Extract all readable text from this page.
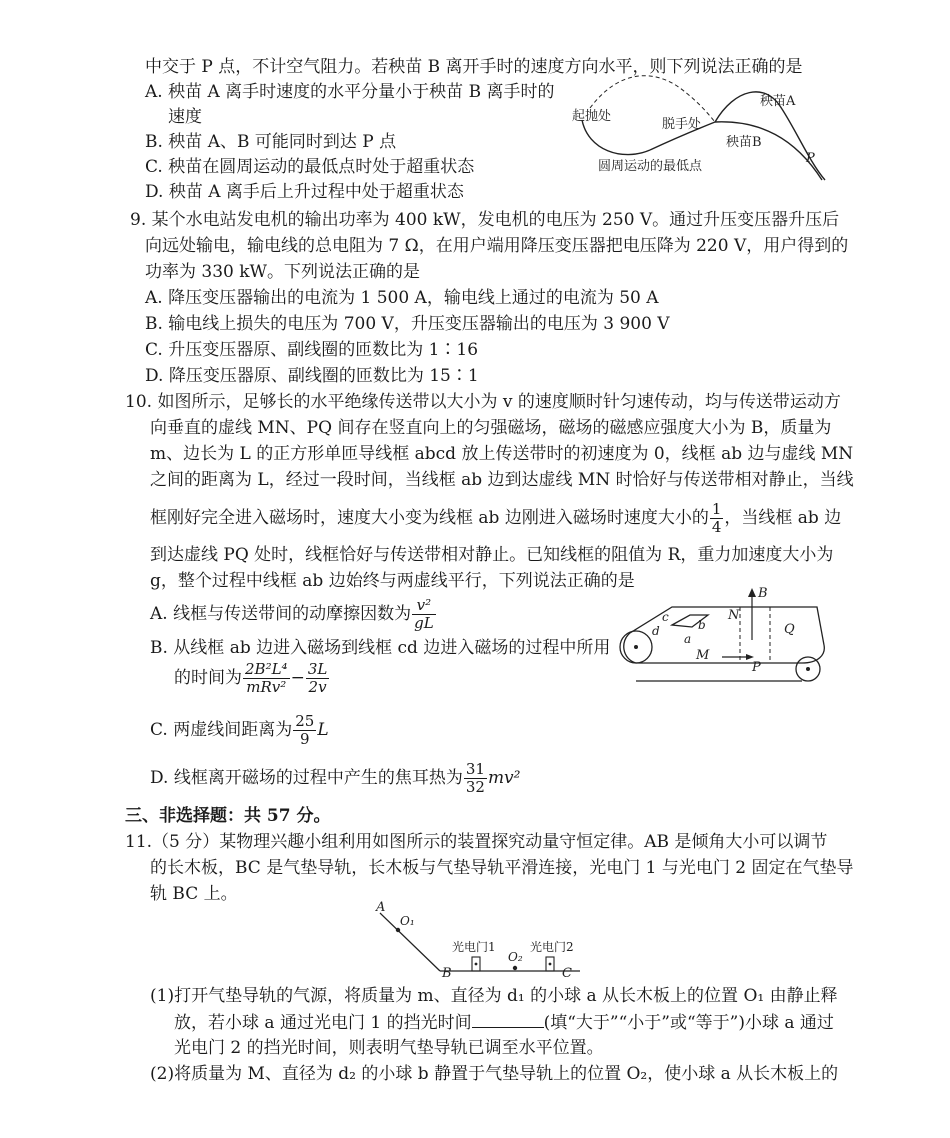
中交于 P 点，不计空气阻力。若秧苗 B 离开手时的速度方向水平，则下列说法正确的是
A. 秧苗 A 离手时速度的水平分量小于秧苗 B 离手时的
速度
B. 秧苗 A、B 可能同时到达 P 点
C. 秧苗在圆周运动的最低点时处于超重状态
D. 秧苗 A 离手后上升过程中处于超重状态
起抛处
脱手处
秧苗A
秧苗B
圆周运动的最低点
P
9. 某个水电站发电机的输出功率为 400 kW，发电机的电压为 250 V。通过升压变压器升压后
向远处输电，输电线的总电阻为 7 Ω，在用户端用降压变压器把电压降为 220 V，用户得到的
功率为 330 kW。下列说法正确的是
A. 降压变压器输出的电流为 1 500 A，输电线上通过的电流为 50 A
B. 输电线上损失的电压为 700 V，升压变压器输出的电压为 3 900 V
C. 升压变压器原、副线圈的匝数比为 1∶16
D. 降压变压器原、副线圈的匝数比为 15∶1
10. 如图所示，足够长的水平绝缘传送带以大小为 v 的速度顺时针匀速传动，均与传送带运动方
向垂直的虚线 MN、PQ 间存在竖直向上的匀强磁场，磁场的磁感应强度大小为 B，质量为
m、边长为 L 的正方形单匝导线框 abcd 放上传送带时的初速度为 0，线框 ab 边与虚线 MN
之间的距离为 L，经过一段时间，当线框 ab 边到达虚线 MN 时恰好与传送带相对静止，当线
框刚好完全进入磁场时，速度大小变为线框 ab 边刚进入磁场时速度大小的 $\frac{1}{4}$ ，当线框 ab 边
到达虚线 PQ 处时，线框恰好与传送带相对静止。已知线框的阻值为 R，重力加速度大小为
g，整个过程中线框 ab 边始终与两虚线平行，下列说法正确的是
A. 线框与传送带间的动摩擦因数为 $\frac{\text{v²}}{gL}$
B. 从线框 ab 边进入磁场到线框 cd 边进入磁场的过程中所用
的时间为 $\frac{\text{2B²L⁴}}{\text{mRv²}} - \frac{3L}{2v}$
C. 两虚线间距离为 $\frac{25}{9}$ L
D. 线框离开磁场的过程中产生的焦耳热为 $\frac{31}{32} mv^2$
B
N
Q
M
P
c
d
a
b
三、非选择题：共 57 分。
11.（5 分）某物理兴趣小组利用如图所示的装置探究动量守恒定律。AB 是倾角大小可以调节
的长木板，BC 是气垫导轨，长木板与气垫导轨平滑连接，光电门 1 与光电门 2 固定在气垫导
轨 BC 上。
A
O₁
B
O₂
C
光电门1	光电门2
(1)打开气垫导轨的气源，将质量为 m、直径为 d₁ 的小球 a 从长木板上的位置 O₁ 由静止释
放，若小球 a 通过光电门 1 的挡光时间	(填“大于”“小于”或“等于”)小球 a 通过
光电门 2 的挡光时间，则表明气垫导轨已调至水平位置。
(2)将质量为 M、直径为 d₂ 的小球 b 静置于气垫导轨上的位置 O₂，使小球 a 从长木板上的
